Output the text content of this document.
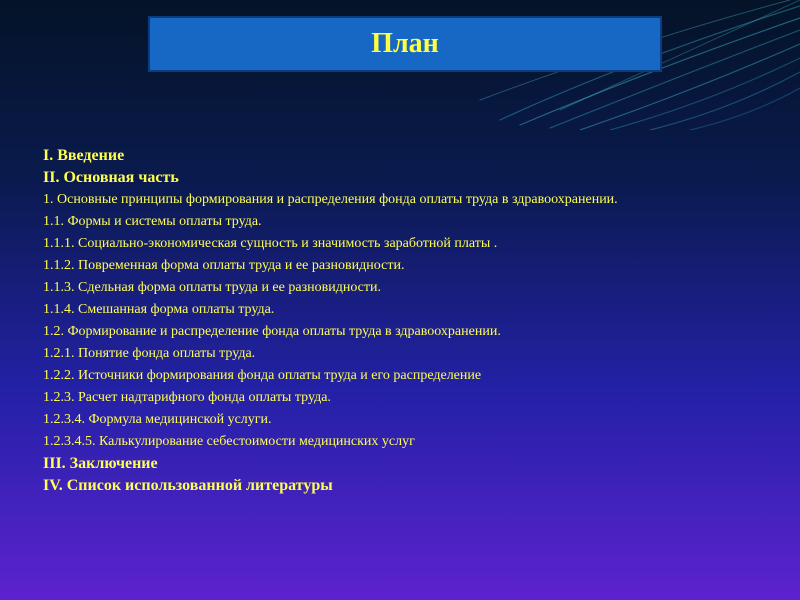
План
I. Введение
II. Основная часть
1. Основные принципы формирования и распределения фонда оплаты труда в здравоохранении.
1.1. Формы и системы оплаты труда.
1.1.1. Социально-экономическая сущность и значимость заработной платы .
1.1.2. Повременная форма оплаты труда и ее разновидности.
1.1.3. Сдельная форма оплаты труда и ее разновидности.
1.1.4. Смешанная форма оплаты труда.
1.2. Формирование и распределение фонда оплаты труда в здравоохранении.
1.2.1. Понятие фонда оплаты труда.
1.2.2. Источники формирования фонда оплаты труда и его распределение
1.2.3. Расчет надтарифного фонда оплаты труда.
1.2.3.4. Формула медицинской услуги.
1.2.3.4.5. Калькулирование себестоимости медицинских услуг
III. Заключение
IV. Список использованной литературы
